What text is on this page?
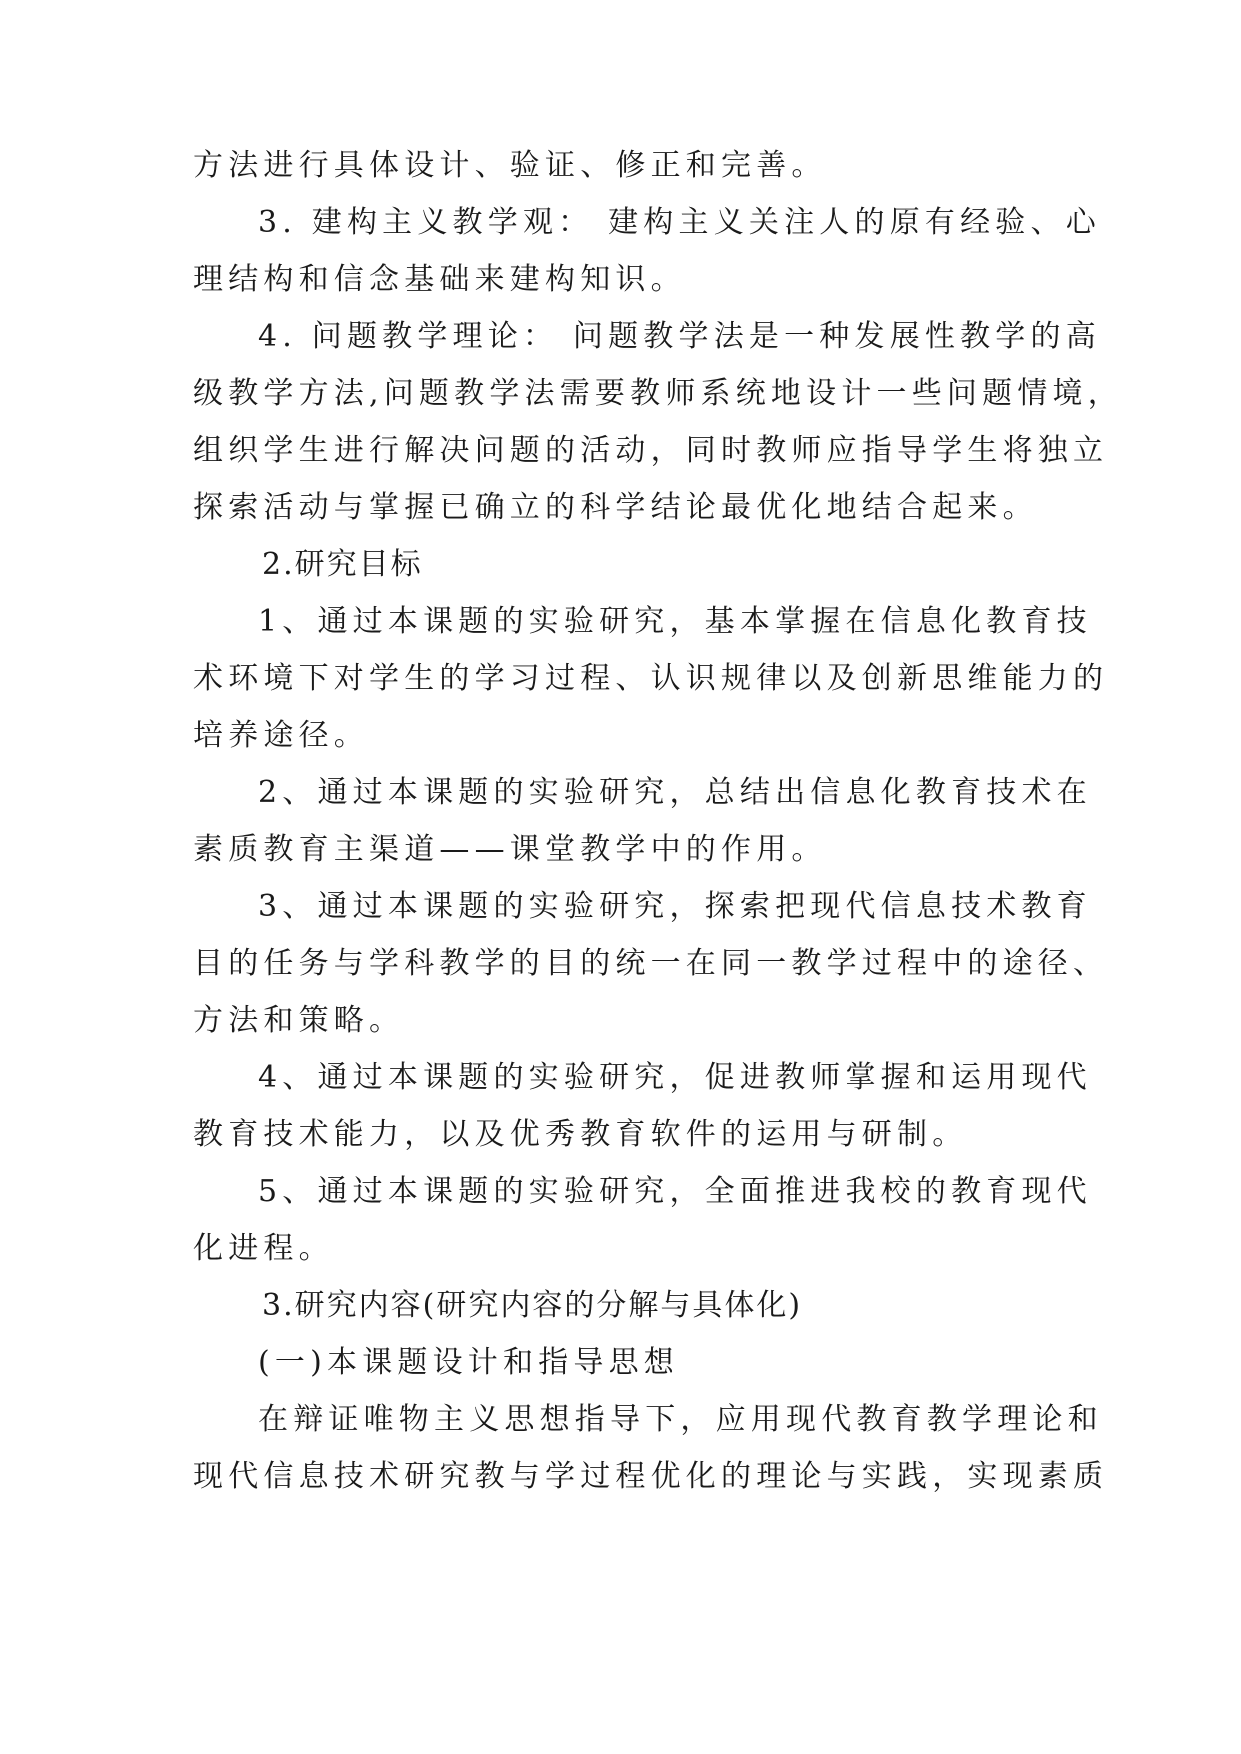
方法进行具体设计、验证、修正和完善。

3. 建构主义教学观： 建构主义关注人的原有经验、心

理结构和信念基础来建构知识。

4. 问题教学理论： 问题教学法是一种发展性教学的高

级教学方法,问题教学法需要教师系统地设计一些问题情境，

组织学生进行解决问题的活动，同时教师应指导学生将独立

探索活动与掌握已确立的科学结论最优化地结合起来。

2.研究目标

1、通过本课题的实验研究，基本掌握在信息化教育技

术环境下对学生的学习过程、认识规律以及创新思维能力的

培养途径。

2、通过本课题的实验研究，总结出信息化教育技术在

素质教育主渠道——课堂教学中的作用。

3、通过本课题的实验研究，探索把现代信息技术教育

目的任务与学科教学的目的统一在同一教学过程中的途径、

方法和策略。

4、通过本课题的实验研究，促进教师掌握和运用现代

教育技术能力，以及优秀教育软件的运用与研制。

5、通过本课题的实验研究，全面推进我校的教育现代

化进程。

3.研究内容(研究内容的分解与具体化)

(一)本课题设计和指导思想

在辩证唯物主义思想指导下，应用现代教育教学理论和

现代信息技术研究教与学过程优化的理论与实践，实现素质
